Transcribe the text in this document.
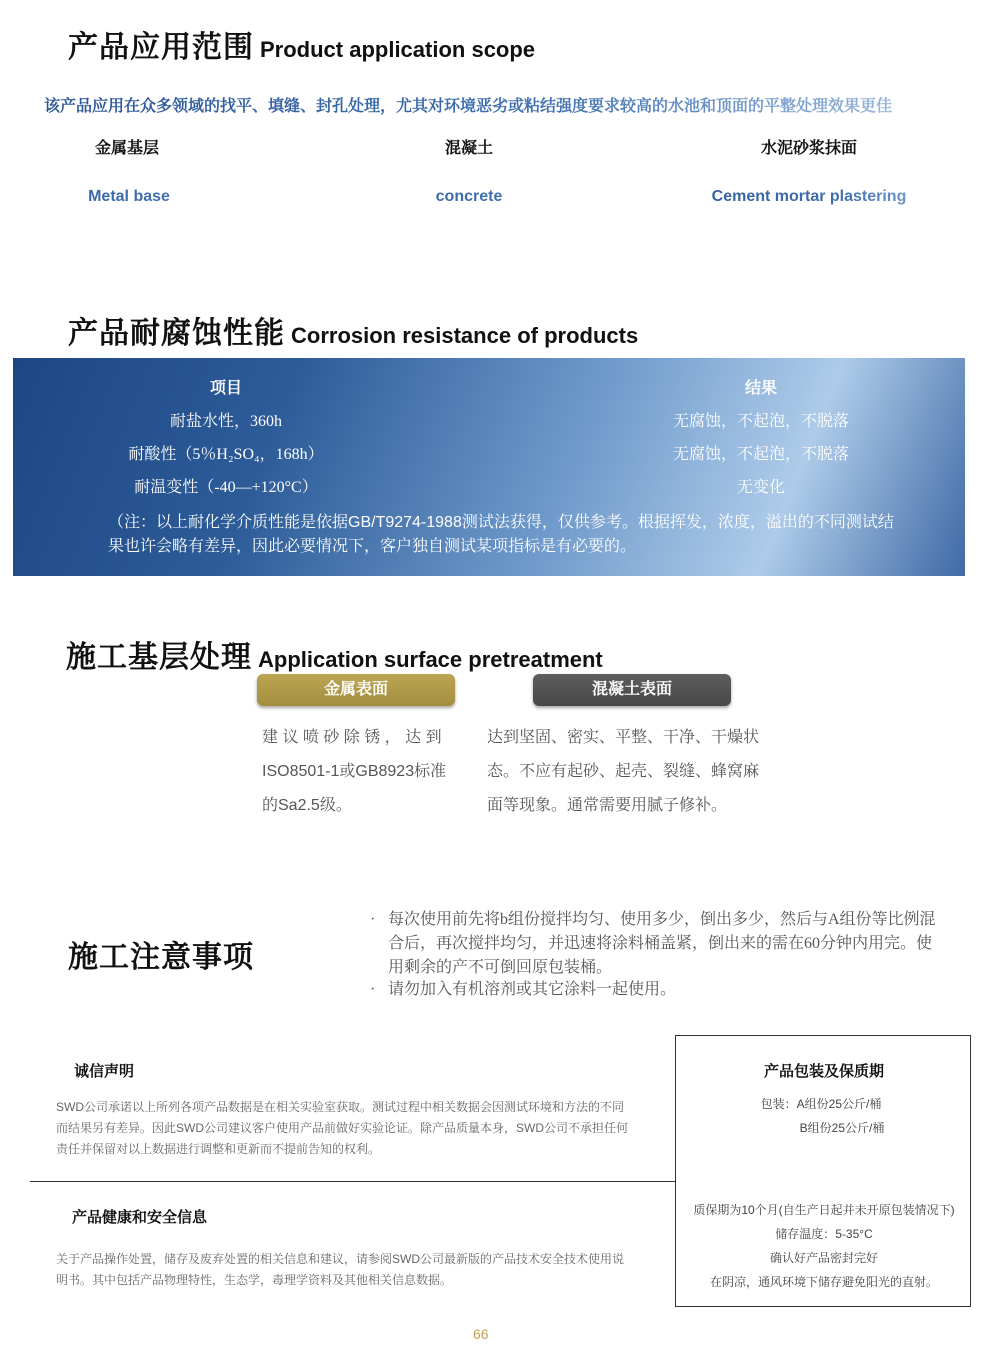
产品应用范围 Product application scope
该产品应用在众多领域的找平、填缝、封孔处理，尤其对环境恶劣或粘结强度要求较高的水池和顶面的平整处理效果更佳
金属基层	混凝土	水泥砂浆抹面
Metal base	concrete	Cement mortar plastering
产品耐腐蚀性能 Corrosion resistance of products
项目	结果
耐盐水性，360h	无腐蚀，不起泡，不脱落
耐酸性（5％H₂SO₄，168h）	无腐蚀，不起泡，不脱落
耐温变性（-40—+120°C）	无变化
（注：以上耐化学介质性能是依据GB/T9274-1988测试法获得，仅供参考。根据挥发，浓度，溢出的不同测试结果也许会略有差异，因此必要情况下，客户独自测试某项指标是有必要的。
施工基层处理 Application surface pretreatment
金属表面	混凝土表面
建 议 喷 砂 除 锈 ， 达 到
ISO8501-1或GB8923标准
的Sa2.5级。
达到坚固、密实、平整、干净、干燥状
态。不应有起砂、起壳、裂缝、蜂窝麻
面等现象。通常需要用腻子修补。
施工注意事项
· 每次使用前先将b组份搅拌均匀、使用多少，倒出多少，然后与A组份等比例混
合后，再次搅拌均匀，并迅速将涂料桶盖紧，倒出来的需在60分钟内用完。使
用剩余的产不可倒回原包装桶。
· 请勿加入有机溶剂或其它涂料一起使用。
诚信声明
SWD公司承诺以上所列各项产品数据是在相关实验室获取。测试过程中相关数据会因测试环境和方法的不同
而结果另有差异。因此SWD公司建议客户使用产品前做好实验论证。除产品质量本身，SWD公司不承担任何
责任并保留对以上数据进行调整和更新而不提前告知的权利。
产品健康和安全信息
关于产品操作处置，储存及废弃处置的相关信息和建议，请参阅SWD公司最新版的产品技术安全技术使用说
明书。其中包括产品物理特性，生态学，毒理学资料及其他相关信息数据。
产品包装及保质期
包装：A组份25公斤/桶
B组份25公斤/桶
质保期为10个月(自生产日起并未开原包装情况下)
储存温度：5-35°C
确认好产品密封完好
在阴凉，通风环境下储存避免阳光的直射。
66
